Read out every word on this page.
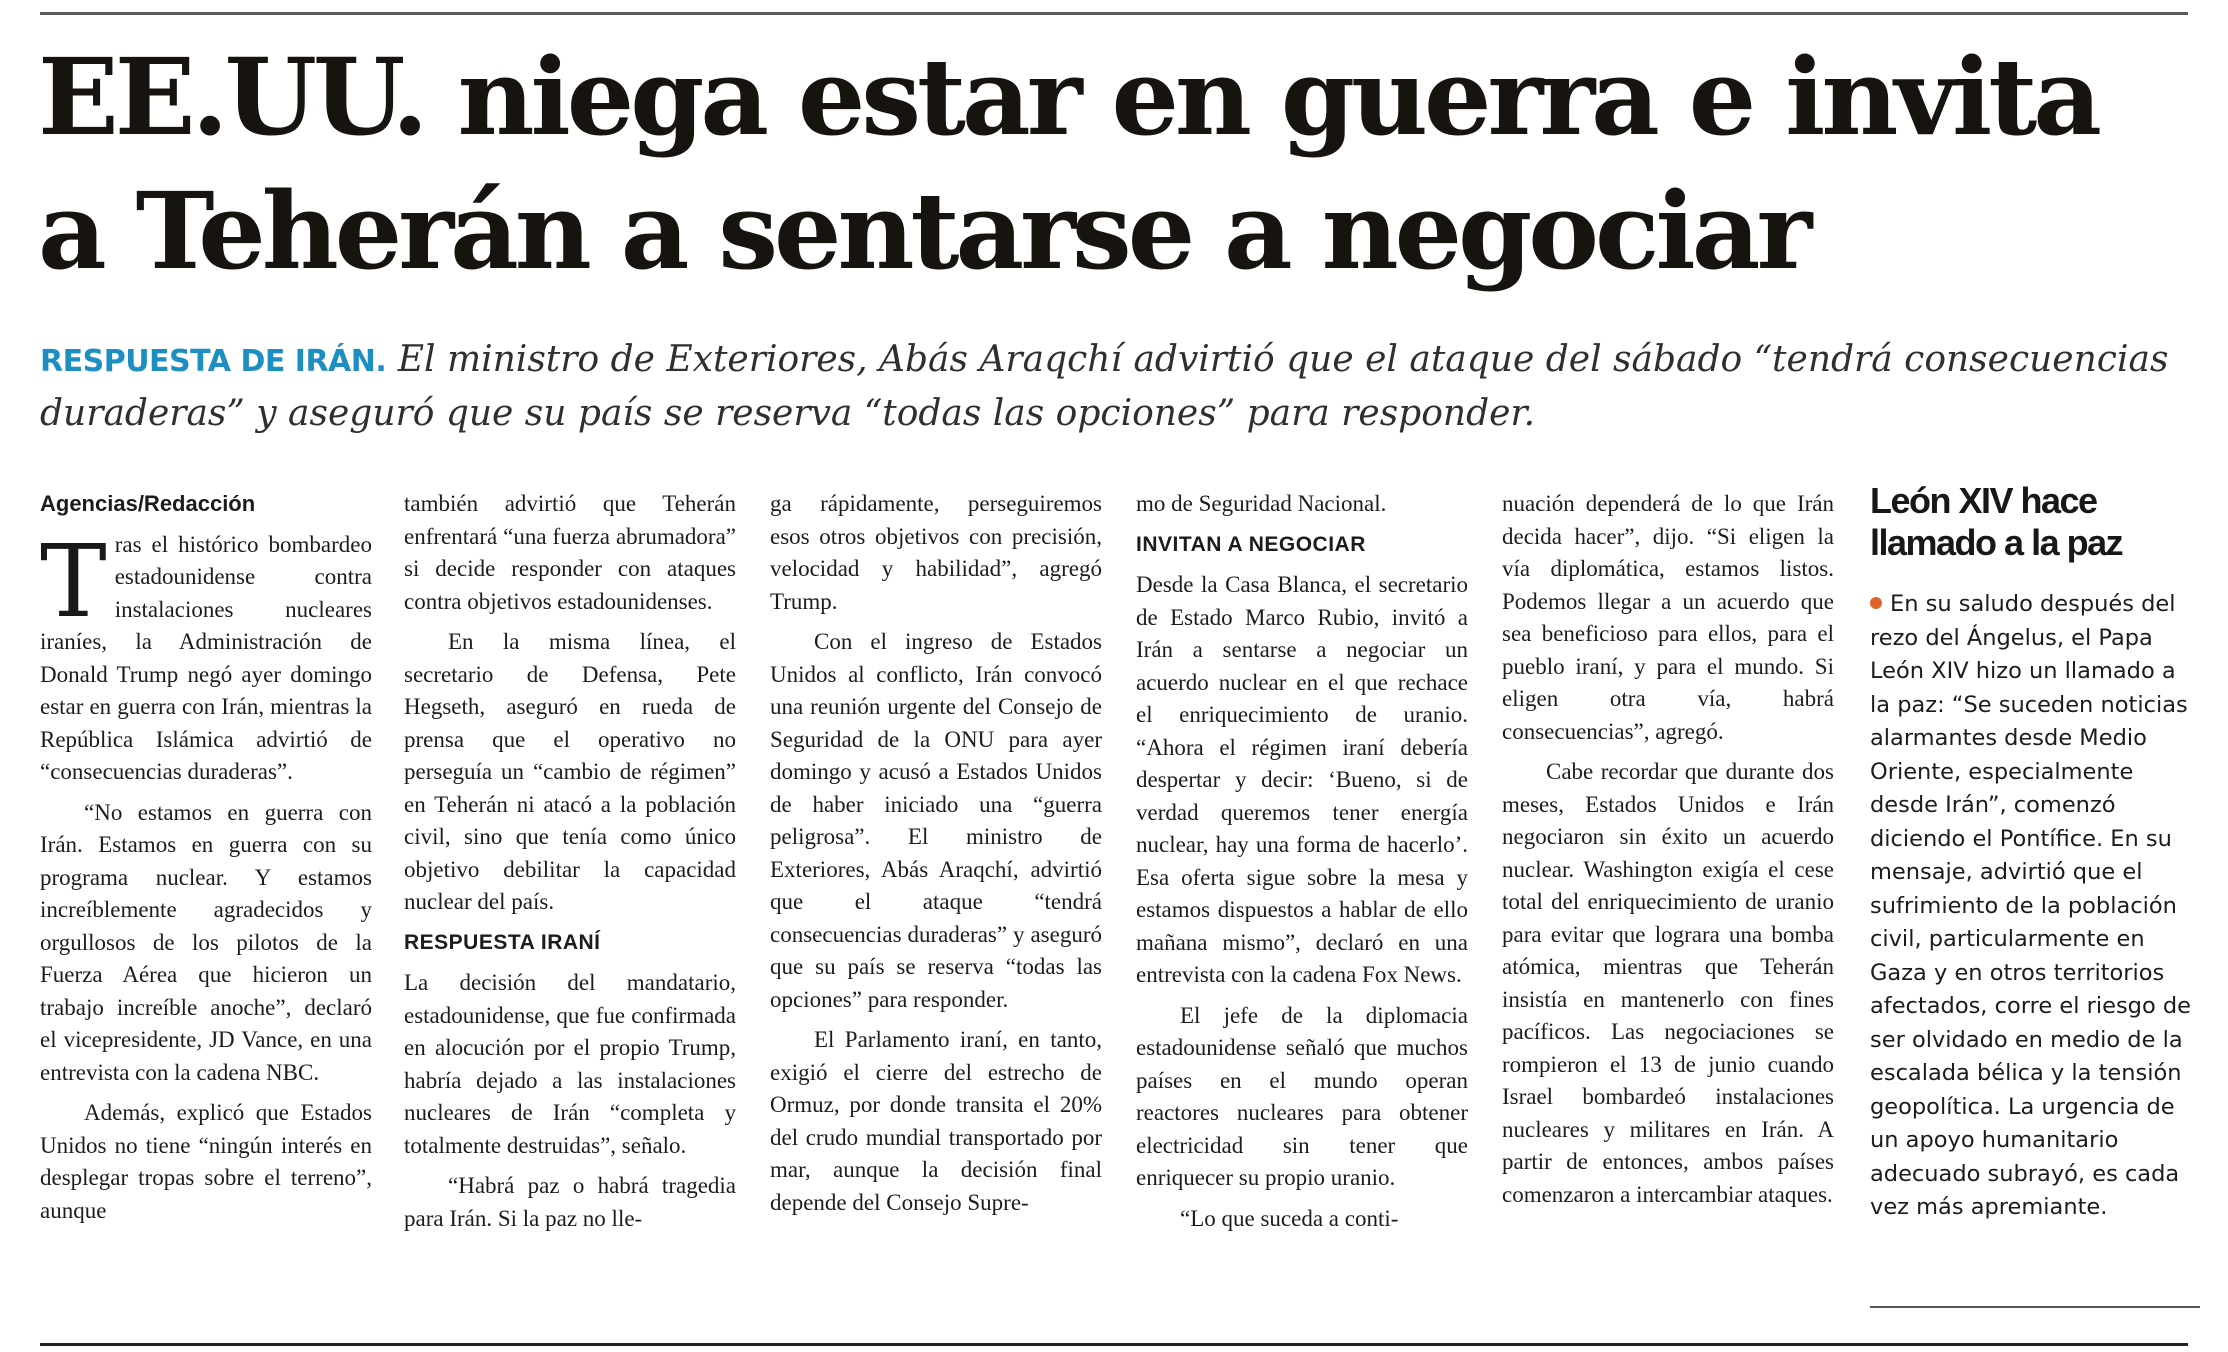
EE.UU. niega estar en guerra e invita
a Teherán a sentarse a negociar

RESPUESTA DE IRÁN. El ministro de Exteriores, Abás Araqchí advirtió que el ataque del sábado “tendrá consecuencias duraderas” y aseguró que su país se reserva “todas las opciones” para responder.

Agencias/Redacción

Tras el histórico bombardeo estadounidense contra instalaciones nucleares iraníes, la Administración de Donald Trump negó ayer domingo estar en guerra con Irán, mientras la República Islámica advirtió de “consecuencias duraderas”.

“No estamos en guerra con Irán. Estamos en guerra con su programa nuclear. Y estamos increíblemente agradecidos y orgullosos de los pilotos de la Fuerza Aérea que hicieron un trabajo increíble anoche”, declaró el vicepresidente, JD Vance, en una entrevista con la cadena NBC.

Además, explicó que Estados Unidos no tiene “ningún interés en desplegar tropas sobre el terreno”, aunque

también advirtió que Teherán enfrentará “una fuerza abrumadora” si decide responder con ataques contra objetivos estadounidenses.

En la misma línea, el secretario de Defensa, Pete Hegseth, aseguró en rueda de prensa que el operativo no perseguía un “cambio de régimen” en Teherán ni atacó a la población civil, sino que tenía como único objetivo debilitar la capacidad nuclear del país.

RESPUESTA IRANÍ

La decisión del mandatario, estadounidense, que fue confirmada en alocución por el propio Trump, habría dejado a las instalaciones nucleares de Irán “completa y totalmente destruidas”, señalo.

“Habrá paz o habrá tragedia para Irán. Si la paz no lle-

ga rápidamente, perseguiremos esos otros objetivos con precisión, velocidad y habilidad”, agregó Trump.

Con el ingreso de Estados Unidos al conflicto, Irán convocó una reunión urgente del Consejo de Seguridad de la ONU para ayer domingo y acusó a Estados Unidos de haber iniciado una “guerra peligrosa”. El ministro de Exteriores, Abás Araqchí, advirtió que el ataque “tendrá consecuencias duraderas” y aseguró que su país se reserva “todas las opciones” para responder.

El Parlamento iraní, en tanto, exigió el cierre del estrecho de Ormuz, por donde transita el 20% del crudo mundial transportado por mar, aunque la decisión final depende del Consejo Supre-

mo de Seguridad Nacional.

INVITAN A NEGOCIAR

Desde la Casa Blanca, el secretario de Estado Marco Rubio, invitó a Irán a sentarse a negociar un acuerdo nuclear en el que rechace el enriquecimiento de uranio. “Ahora el régimen iraní debería despertar y decir: ‘Bueno, si de verdad queremos tener energía nuclear, hay una forma de hacerlo’. Esa oferta sigue sobre la mesa y estamos dispuestos a hablar de ello mañana mismo”, declaró en una entrevista con la cadena Fox News.

El jefe de la diplomacia estadounidense señaló que muchos países en el mundo operan reactores nucleares para obtener electricidad sin tener que enriquecer su propio uranio.

“Lo que suceda a conti-

nuación dependerá de lo que Irán decida hacer”, dijo. “Si eligen la vía diplomática, estamos listos. Podemos llegar a un acuerdo que sea beneficioso para ellos, para el pueblo iraní, y para el mundo. Si eligen otra vía, habrá consecuencias”, agregó.

Cabe recordar que durante dos meses, Estados Unidos e Irán negociaron sin éxito un acuerdo nuclear. Washington exigía el cese total del enriquecimiento de uranio para evitar que lograra una bomba atómica, mientras que Teherán insistía en mantenerlo con fines pacíficos. Las negociaciones se rompieron el 13 de junio cuando Israel bombardeó instalaciones nucleares y militares en Irán. A partir de entonces, ambos países comenzaron a intercambiar ataques.

León XIV hace llamado a la paz

En su saludo después del rezo del Ángelus, el Papa León XIV hizo un llamado a la paz: “Se suceden noticias alarmantes desde Medio Oriente, especialmente desde Irán”, comenzó diciendo el Pontífice. En su mensaje, advirtió que el sufrimiento de la población civil, particularmente en Gaza y en otros territorios afectados, corre el riesgo de ser olvidado en medio de la escalada bélica y la tensión geopolítica. La urgencia de un apoyo humanitario adecuado subrayó, es cada vez más apremiante.
